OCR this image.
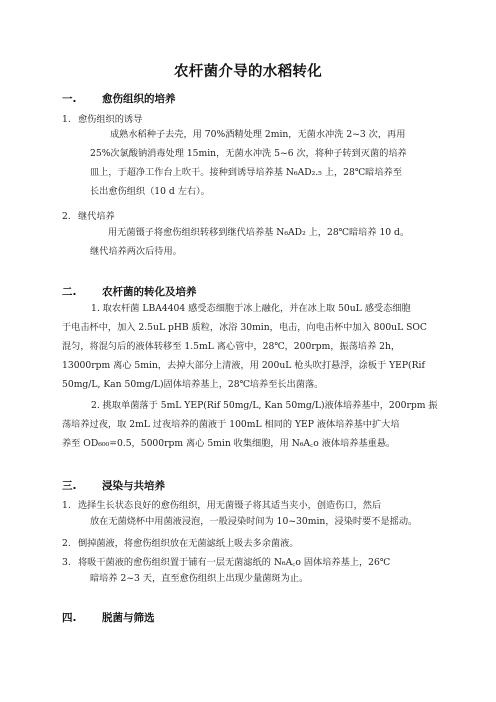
农杆菌介导的水稻转化
一. 愈伤组织的培养
1. 愈伤组织的诱导
成熟水稻种子去壳，用 70%酒精处理 2min，无菌水冲洗 2~3 次，再用
25%次氯酸钠消毒处理 15min，无菌水冲洗 5~6 次，将种子转到灭菌的培养
皿上，于超净工作台上吹干。接种到诱导培养基 N₆AD₂.₅ 上，28℃暗培养至
长出愈伤组织（10 d 左右）。
2. 继代培养
用无菌镊子将愈伤组织转移到继代培养基 N₆AD₂ 上，28℃暗培养 10 d。
继代培养两次后待用。
二. 农杆菌的转化及培养
1. 取农杆菌 LBA4404 感受态细胞于冰上融化，并在冰上取 50uL 感受态细胞
于电击杯中，加入 2.5uL pHB 质粒，冰浴 30min，电击，向电击杯中加入 800uL SOC
混匀，将混匀后的液体转移至 1.5mL 离心管中，28℃，200rpm，振荡培养 2h，
13000rpm 离心 5min，去掉大部分上清液，用 200uL 枪头吹打悬浮，涂板于 YEP(Rif
50mg/L, Kan 50mg/L)固体培养基上，28℃培养至长出菌落。
2. 挑取单菌落于 5mL YEP(Rif 50mg/L, Kan 50mg/L)液体培养基中，200rpm 振
荡培养过夜，取 2mL 过夜培养的菌液于 100mL 相同的 YEP 液体培养基中扩大培
养至 OD₆₀₀=0.5，5000rpm 离心 5min 收集细胞，用 N₆A꜀ᴏ 液体培养基重悬。
三. 浸染与共培养
1. 选择生长状态良好的愈伤组织，用无菌镊子将其适当夹小，创造伤口，然后
放在无菌烧杯中用菌液浸泡，一般浸染时间为 10~30min，浸染时要不是摇动。
2. 倒掉菌液，将愈伤组织放在无菌滤纸上吸去多余菌液。
3. 将吸干菌液的愈伤组织置于铺有一层无菌滤纸的 N₆A꜀ᴏ 固体培养基上，26℃
暗培养 2~3 天，直至愈伤组织上出现少量菌斑为止。
四. 脱菌与筛选
